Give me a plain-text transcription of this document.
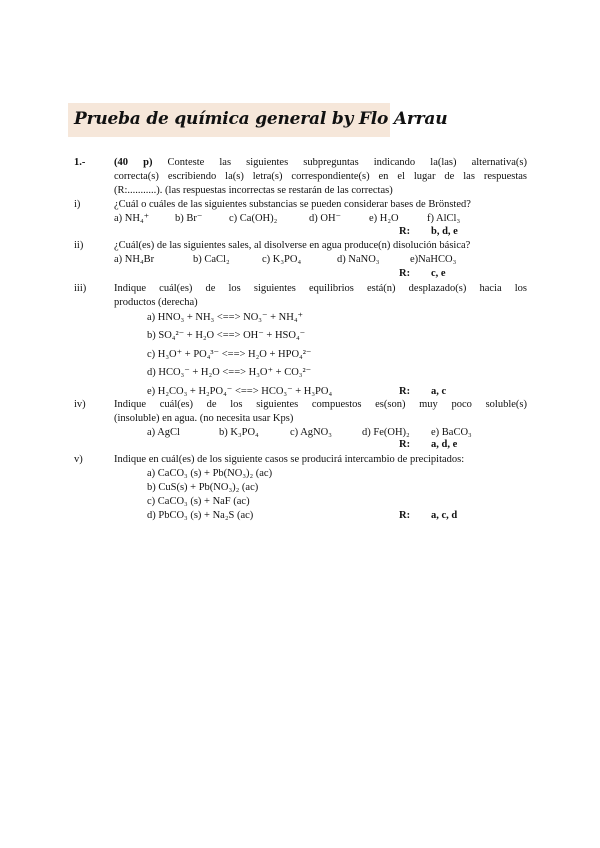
Prueba de química general by Flo Arrau
1.-	(40 p) Conteste las siguientes subpreguntas indicando la(las) alternativa(s)
correcta(s) escribiendo la(s) letra(s) correspondiente(s) en el lugar de las respuestas
(R:...........). (las respuestas incorrectas se restarán de las correctas)
i)	¿Cuál o cuáles de las siguientes substancias se pueden considerar bases de Brönsted?
a) NH₄⁺ b) Br⁻	c) Ca(OH)₂	d) OH⁻	e) H₂O	f) AlCl₃
R: b, d, e
ii)	¿Cuál(es) de las siguientes sales, al disolverse en agua produce(n) disolución básica?
a) NH₄Br	b) CaCl₂	c) K₃PO₄	d) NaNO₃	e)NaHCO₃
R: c, e
iii)	Indique cuál(es) de los siguientes equilibrios está(n) desplazado(s) hacia los
productos (derecha)
a) HNO₃ + NH₃ <==> NO₃⁻ + NH₄⁺
b) SO₄²⁻ + H₂O <==> OH⁻ + HSO₄⁻
c) H₃O⁺ + PO₄³⁻ <==> H₂O + HPO₄²⁻
d) HCO₃⁻ + H₂O <==> H₃O⁺ + CO₃²⁻
e) H₂CO₃ + H₂PO₄⁻ <==> HCO₃⁻ + H₃PO₄	R: a, c
iv)	Indique cuál(es) de los siguientes compuestos es(son) muy poco soluble(s)
(insoluble) en agua. (no necesita usar Kps)
a) AgCl	b) K₃PO₄	c) AgNO₃	d) Fe(OH)₂ e) BaCO₃
R: a, d, e
v)	Indique en cuál(es) de los siguiente casos se producirá intercambio de precipitados:
a) CaCO₃ (s) + Pb(NO₃)₂ (ac)
b) CuS(s) + Pb(NO₃)₂ (ac)
c) CaCO₃ (s) + NaF (ac)
d) PbCO₃ (s) + Na₂S (ac)	R: a, c, d
